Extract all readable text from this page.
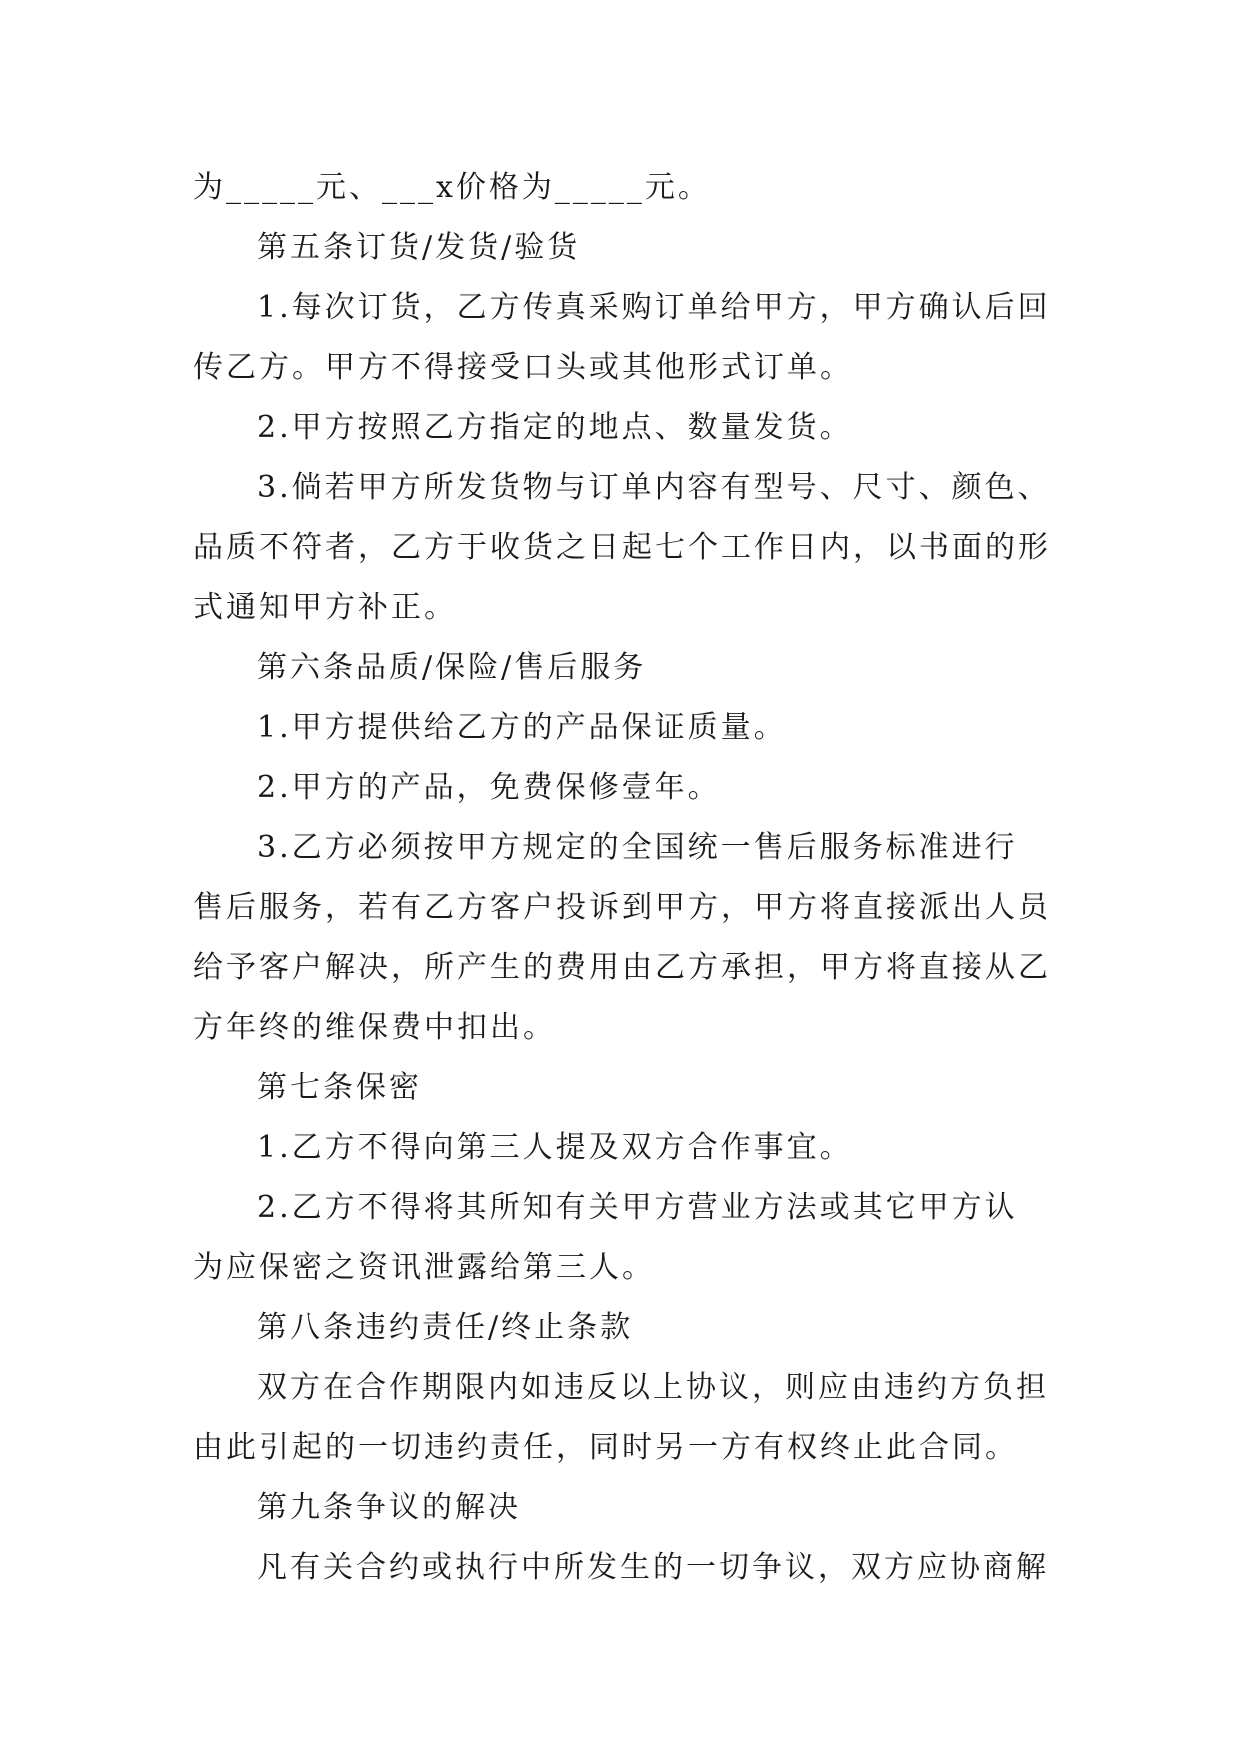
为_____元、___x价格为_____元。
第五条订货/发货/验货
1.每次订货，乙方传真采购订单给甲方，甲方确认后回
传乙方。甲方不得接受口头或其他形式订单。
2.甲方按照乙方指定的地点、数量发货。
3.倘若甲方所发货物与订单内容有型号、尺寸、颜色、
品质不符者，乙方于收货之日起七个工作日内，以书面的形
式通知甲方补正。
第六条品质/保险/售后服务
1.甲方提供给乙方的产品保证质量。
2.甲方的产品，免费保修壹年。
3.乙方必须按甲方规定的全国统一售后服务标准进行
售后服务，若有乙方客户投诉到甲方，甲方将直接派出人员
给予客户解决，所产生的费用由乙方承担，甲方将直接从乙
方年终的维保费中扣出。
第七条保密
1.乙方不得向第三人提及双方合作事宜。
2.乙方不得将其所知有关甲方营业方法或其它甲方认
为应保密之资讯泄露给第三人。
第八条违约责任/终止条款
双方在合作期限内如违反以上协议，则应由违约方负担
由此引起的一切违约责任，同时另一方有权终止此合同。
第九条争议的解决
凡有关合约或执行中所发生的一切争议，双方应协商解
